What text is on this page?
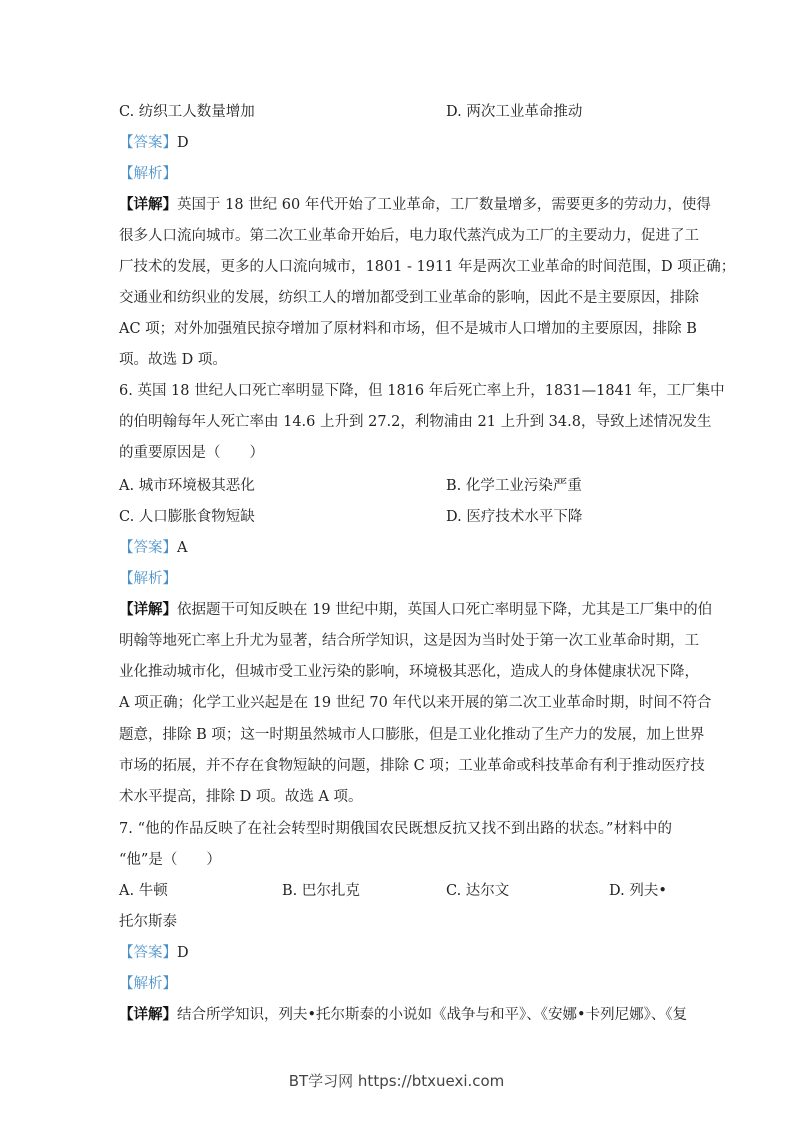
C. 纺织工人数量增加	D. 两次工业革命推动
【答案】D
【解析】
【详解】英国于 18 世纪 60 年代开始了工业革命，工厂数量增多，需要更多的劳动力，使得
很多人口流向城市。第二次工业革命开始后，电力取代蒸汽成为工厂的主要动力，促进了工
厂技术的发展，更多的人口流向城市，1801 - 1911 年是两次工业革命的时间范围，D 项正确；
交通业和纺织业的发展，纺织工人的增加都受到工业革命的影响，因此不是主要原因，排除
AC 项；对外加强殖民掠夺增加了原材料和市场，但不是城市人口增加的主要原因，排除 B
项。故选 D 项。
6. 英国 18 世纪人口死亡率明显下降，但 1816 年后死亡率上升，1831—1841 年，工厂集中
的伯明翰每年人死亡率由 14.6 上升到 27.2，利物浦由 21 上升到 34.8，导致上述情况发生
的重要原因是（　　）
A. 城市环境极其恶化	B. 化学工业污染严重
C. 人口膨胀食物短缺	D. 医疗技术水平下降
【答案】A
【解析】
【详解】依据题干可知反映在 19 世纪中期，英国人口死亡率明显下降，尤其是工厂集中的伯
明翰等地死亡率上升尤为显著，结合所学知识，这是因为当时处于第一次工业革命时期，工
业化推动城市化，但城市受工业污染的影响，环境极其恶化，造成人的身体健康状况下降，
A 项正确；化学工业兴起是在 19 世纪 70 年代以来开展的第二次工业革命时期，时间不符合
题意，排除 B 项；这一时期虽然城市人口膨胀，但是工业化推动了生产力的发展，加上世界
市场的拓展，并不存在食物短缺的问题，排除 C 项；工业革命或科技革命有利于推动医疗技
术水平提高，排除 D 项。故选 A 项。
7. “他的作品反映了在社会转型时期俄国农民既想反抗又找不到出路的状态。”材料中的
“他”是（　　）
A. 牛顿	B. 巴尔扎克	C. 达尔文	D. 列夫•
托尔斯泰
【答案】D
【解析】
【详解】结合所学知识，列夫•托尔斯泰的小说如《战争与和平》、《安娜•卡列尼娜》、《复
BT学习网 https://btxuexi.com
